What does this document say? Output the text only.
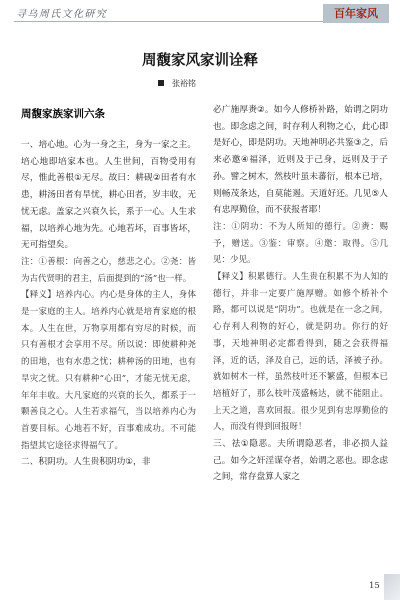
寻乌周氏文化研究	百年家风
周馥家风家训诠释
张裕铭
周馥家族家训六条

一、培心地。心为一身之主，身为一家之主。培心地即培家本也。人生世间，百物受用有尽，惟此善根①无尽。故曰：耕砚②田者有水患，耕汤田者有旱忧，耕心田者，岁丰收，无忧无虑。盖家之兴衰久长，系于一心。人生求福，以培养心地为先。心地若坏，百事皆坏，无可指望矣。

注：①善根：向善之心，慈悲之心。②尧：皆为古代贤明的君主，后面提到的“汤”也一样。

【释义】培养内心。内心是身体的主人，身体是一家庭的主人。培养内心就是培育家庭的根本。人生在世，万物享用都有穷尽的时候，而只有善根才会享用不尽。所以说：即使耕种尧的田地，也有水患之忧；耕种汤的田地，也有旱灾之忧。只有耕种“心田”，才能无忧无虑，年年丰收。大凡家庭的兴衰的长久，都系于一颗善良之心。人生若求福气，当以培养内心为首要目标。心地若不好，百事难成功。不可能指望其它途径求得福气了。

二、积阴功。人生贵积阴功①，非

必广施厚赉②。如今人修桥补路，始谓之阴功也。即念虑之间，时存利人利物之心，此心即是好心，即是阴功。天地神明必共鉴③之，后来必邀④福泽，近则及于己身，远则及于子孙。譬之树木，然枝叶虽未蕃衍，根本已培，则畅茂条达，自莫能遏。天道好还。几见⑤人有忠厚勤俭，而不获报者耶！

注：①阴功：不为人所知的德行。②赉：赐予，赠送。③鉴：审察。④邀：取得。⑤几见：少见。

【释义】积累德行。人生贵在积累不为人知的德行，并非一定要广施厚赠。如修个桥补个路，都可以说是“阴功”。也就是在一念之间，心存利人利物的好心，就是阴功。你行的好事，天地神明必定都看得到，随之会获得福泽，近的话，泽及自己，远的话，泽被子孙。就如树木一样，虽然枝叶还不繁盛，但根本已培植好了，那么枝叶茂盛畅达，就不能阻止。上天之道，喜欢回报。很少见到有忠厚勤俭的人，而没有得到回报呀！

三、祛①隐恶。夫所谓隐恶者，非必损人益己。如今之奸淫谋夺者，始谓之恶也。即念虑之间，常存盘算人家之

15
